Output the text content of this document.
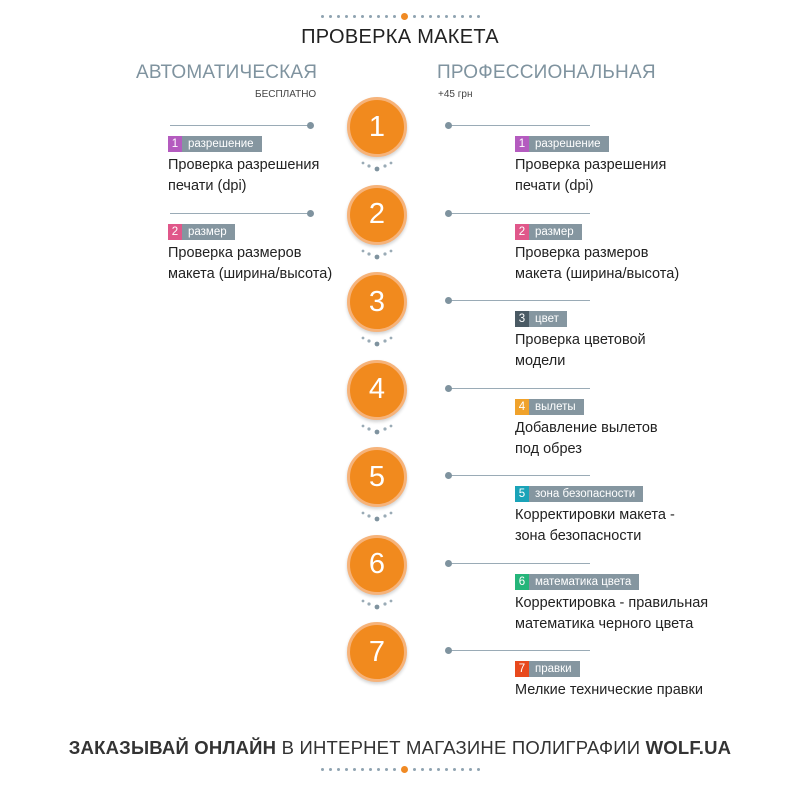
ПРОВЕРКА МАКЕТА
АВТОМАТИЧЕСКАЯ	ПРОФЕССИОНАЛЬНАЯ
БЕСПЛАТНО	+45 грн
1
1 разрешение
Проверка разрешения
печати (dpi)
1 разрешение
Проверка разрешения
печати (dpi)
2
2 размер
Проверка размеров
макета (ширина/высота)
2 размер
Проверка размеров
макета (ширина/высота)
3
3 цвет
Проверка цветовой
модели
4
4 вылеты
Добавление вылетов
под обрез
5
5 зона безопасности
Корректировки макета -
зона безопасности
6
6 математика цвета
Корректировка - правильная
математика черного цвета
7
7 правки
Мелкие технические правки
ЗАКАЗЫВАЙ ОНЛАЙН В ИНТЕРНЕТ МАГАЗИНЕ ПОЛИГРАФИИ WOLF.UA
